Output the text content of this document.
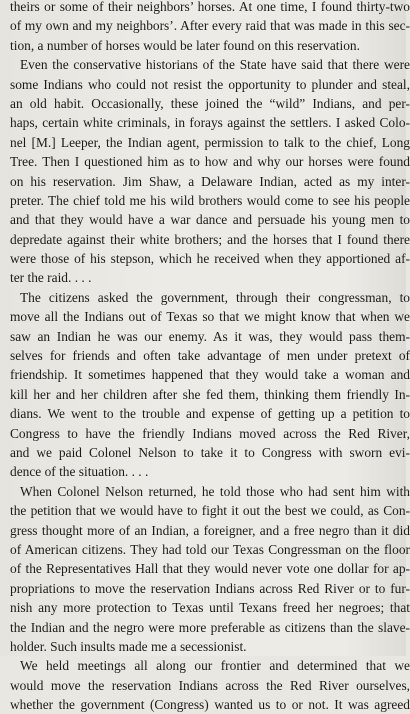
theirs or some of their neighbors’ horses. At one time, I found thirty-two
of my own and my neighbors’. After every raid that was made in this sec-
tion, a number of horses would be later found on this reservation.

Even the conservative historians of the State have said that there were
some Indians who could not resist the opportunity to plunder and steal,
an old habit. Occasionally, these joined the “wild” Indians, and per-
haps, certain white criminals, in forays against the settlers. I asked Colo-
nel [M.] Leeper, the Indian agent, permission to talk to the chief, Long
Tree. Then I questioned him as to how and why our horses were found
on his reservation. Jim Shaw, a Delaware Indian, acted as my inter-
preter. The chief told me his wild brothers would come to see his people
and that they would have a war dance and persuade his young men to
depredate against their white brothers; and the horses that I found there
were those of his stepson, which he received when they apportioned af-
ter the raid. . . .

The citizens asked the government, through their congressman, to
move all the Indians out of Texas so that we might know that when we
saw an Indian he was our enemy. As it was, they would pass them-
selves for friends and often take advantage of men under pretext of
friendship. It sometimes happened that they would take a woman and
kill her and her children after she fed them, thinking them friendly In-
dians. We went to the trouble and expense of getting up a petition to
Congress to have the friendly Indians moved across the Red River,
and we paid Colonel Nelson to take it to Congress with sworn evi-
dence of the situation. . . .

When Colonel Nelson returned, he told those who had sent him with
the petition that we would have to fight it out the best we could, as Con-
gress thought more of an Indian, a foreigner, and a free negro than it did
of American citizens. They had told our Texas Congressman on the floor
of the Representatives Hall that they would never vote one dollar for ap-
propriations to move the reservation Indians across Red River or to fur-
nish any more protection to Texas until Texans freed her negroes; that
the Indian and the negro were more preferable as citizens than the slave-
holder. Such insults made me a secessionist.

We held meetings all along our frontier and determined that we
would move the reservation Indians across the Red River ourselves,
whether the government (Congress) wanted us to or not. It was agreed
